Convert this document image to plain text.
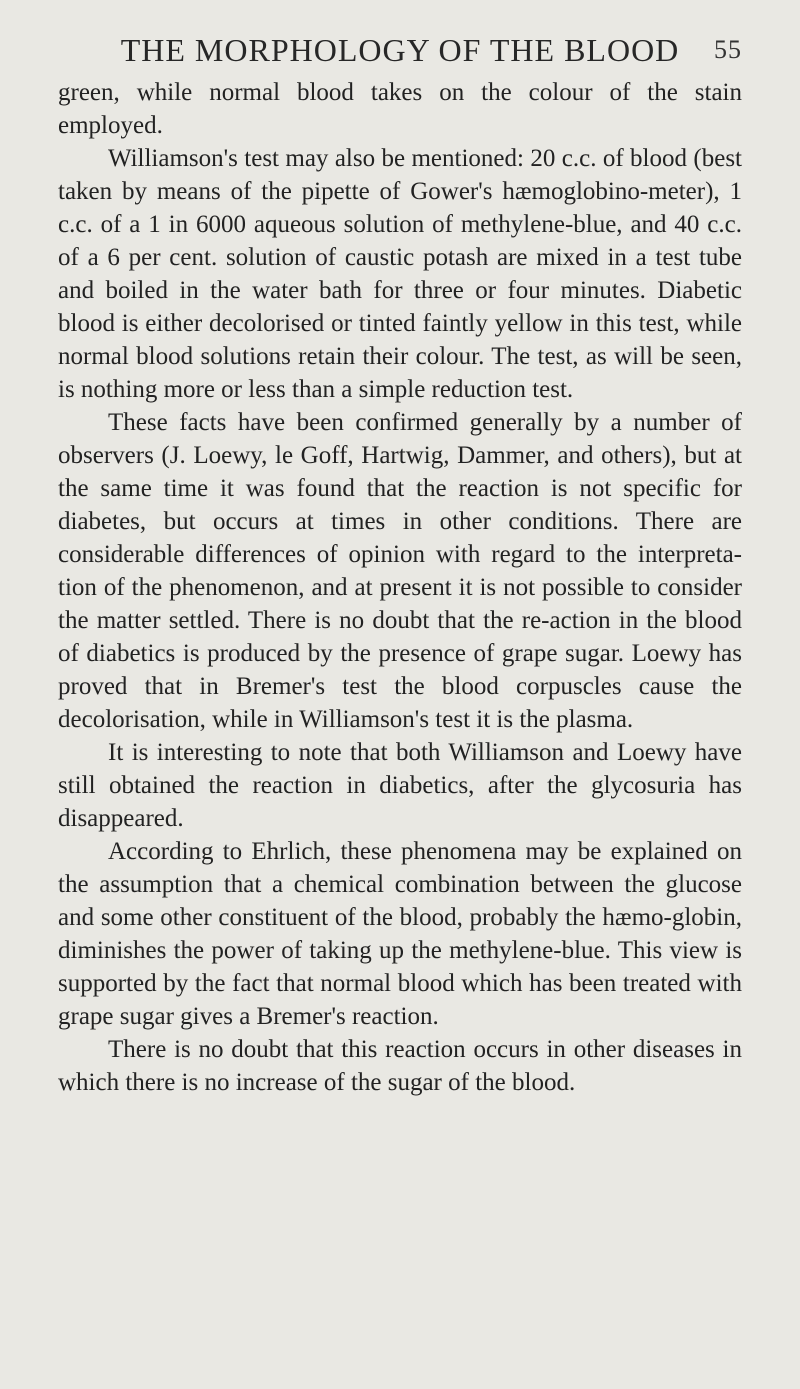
THE MORPHOLOGY OF THE BLOOD 55

green, while normal blood takes on the colour of the stain employed.

Williamson's test may also be mentioned: 20 c.c. of blood (best taken by means of the pipette of Gower's hæmoglobino-meter), 1 c.c. of a 1 in 6000 aqueous solution of methylene-blue, and 40 c.c. of a 6 per cent. solution of caustic potash are mixed in a test tube and boiled in the water bath for three or four minutes. Diabetic blood is either decolorised or tinted faintly yellow in this test, while normal blood solutions retain their colour. The test, as will be seen, is nothing more or less than a simple reduction test.

These facts have been confirmed generally by a number of observers (J. Loewy, le Goff, Hartwig, Dammer, and others), but at the same time it was found that the reaction is not specific for diabetes, but occurs at times in other conditions. There are considerable differences of opinion with regard to the interpreta-tion of the phenomenon, and at present it is not possible to consider the matter settled. There is no doubt that the re-action in the blood of diabetics is produced by the presence of grape sugar. Loewy has proved that in Bremer's test the blood corpuscles cause the decolorisation, while in Williamson's test it is the plasma.

It is interesting to note that both Williamson and Loewy have still obtained the reaction in diabetics, after the glycosuria has disappeared.

According to Ehrlich, these phenomena may be explained on the assumption that a chemical combination between the glucose and some other constituent of the blood, probably the hæmo-globin, diminishes the power of taking up the methylene-blue. This view is supported by the fact that normal blood which has been treated with grape sugar gives a Bremer's reaction.

There is no doubt that this reaction occurs in other diseases in which there is no increase of the sugar of the blood.
